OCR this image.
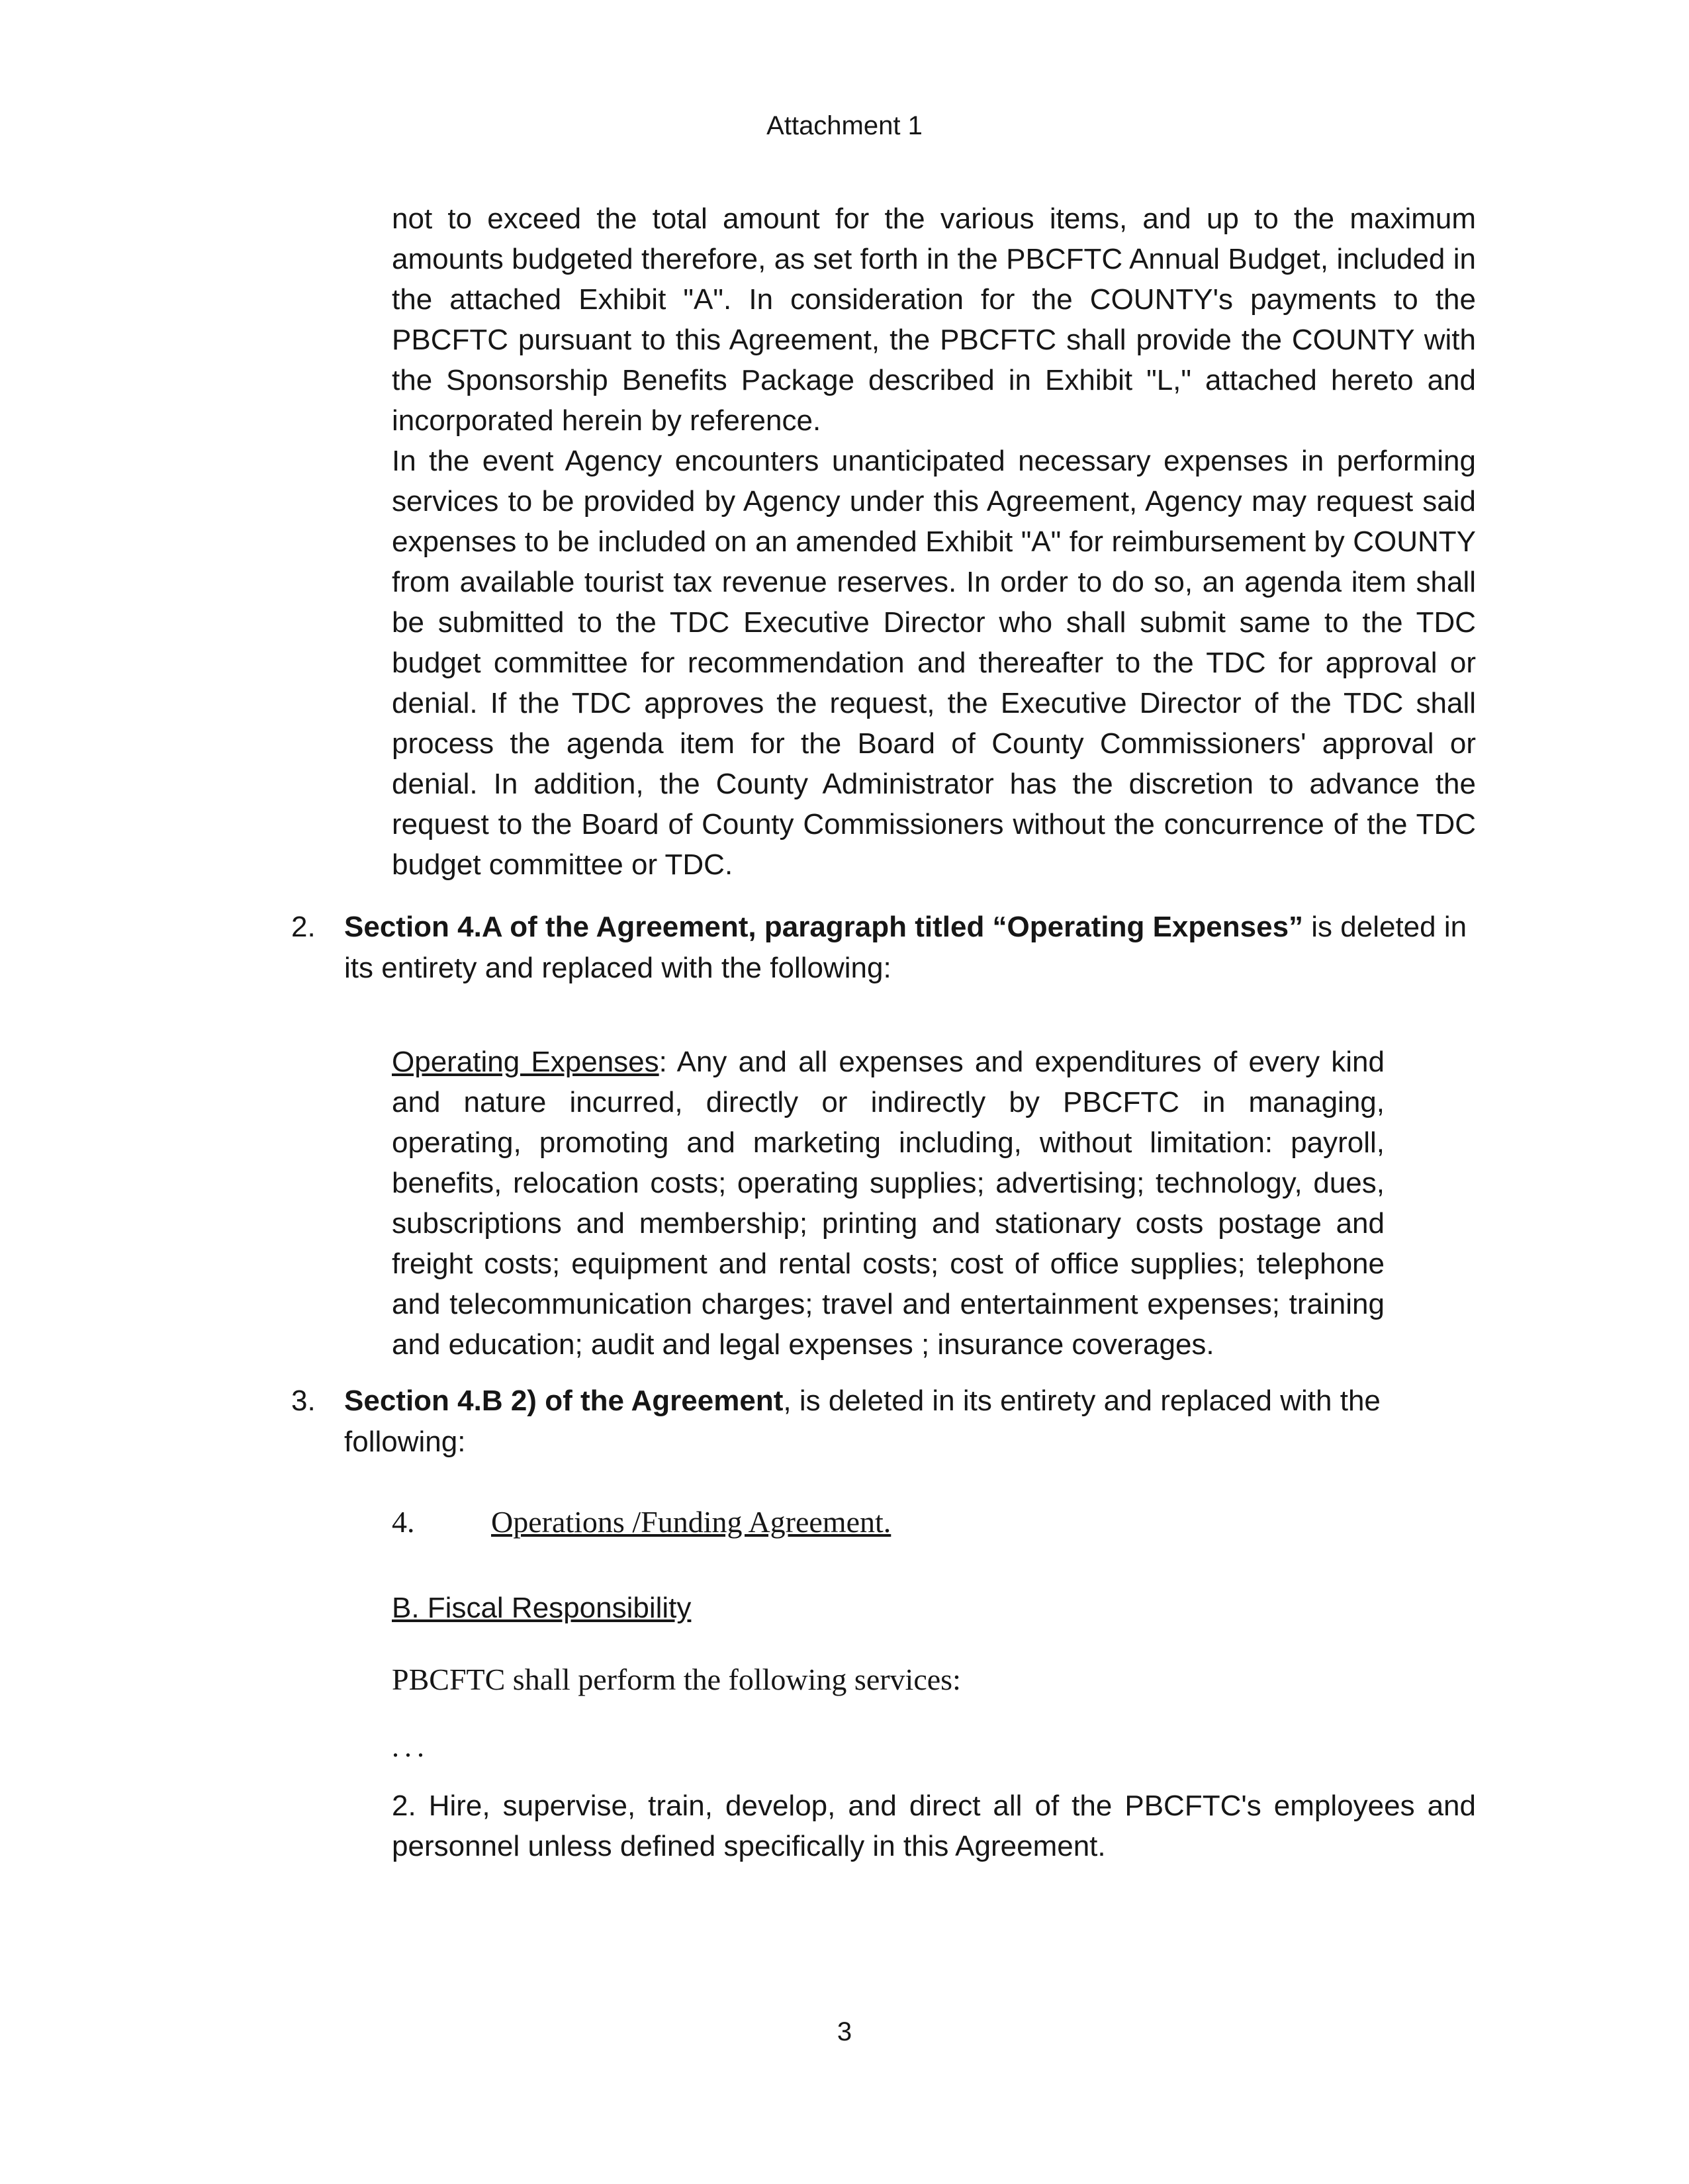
Attachment 1

not to exceed the total amount for the various items, and up to the maximum amounts budgeted therefore, as set forth in the PBCFTC Annual Budget, included in the attached Exhibit "A". In consideration for the COUNTY's payments to the PBCFTC pursuant to this Agreement, the PBCFTC shall provide the COUNTY with the Sponsorship Benefits Package described in Exhibit "L," attached hereto and incorporated herein by reference.

In the event Agency encounters unanticipated necessary expenses in performing services to be provided by Agency under this Agreement, Agency may request said expenses to be included on an amended Exhibit "A" for reimbursement by COUNTY from available tourist tax revenue reserves. In order to do so, an agenda item shall be submitted to the TDC Executive Director who shall submit same to the TDC budget committee for recommendation and thereafter to the TDC for approval or denial. If the TDC approves the request, the Executive Director of the TDC shall process the agenda item for the Board of County Commissioners' approval or denial. In addition, the County Administrator has the discretion to advance the request to the Board of County Commissioners without the concurrence of the TDC budget committee or TDC.

2. Section 4.A of the Agreement, paragraph titled “Operating Expenses” is deleted in its entirety and replaced with the following:

Operating Expenses: Any and all expenses and expenditures of every kind and nature incurred, directly or indirectly by PBCFTC in managing, operating, promoting and marketing including, without limitation: payroll, benefits, relocation costs; operating supplies; advertising; technology, dues, subscriptions and membership; printing and stationary costs postage and freight costs; equipment and rental costs; cost of office supplies; telephone and telecommunication charges; travel and entertainment expenses; training and education; audit and legal expenses ; insurance coverages.

3. Section 4.B 2) of the Agreement, is deleted in its entirety and replaced with the following:
4.	Operations /Funding Agreement.
B. Fiscal Responsibility
PBCFTC shall perform the following services:
...

2. Hire, supervise, train, develop, and direct all of the PBCFTC's employees and personnel unless defined specifically in this Agreement.

3
